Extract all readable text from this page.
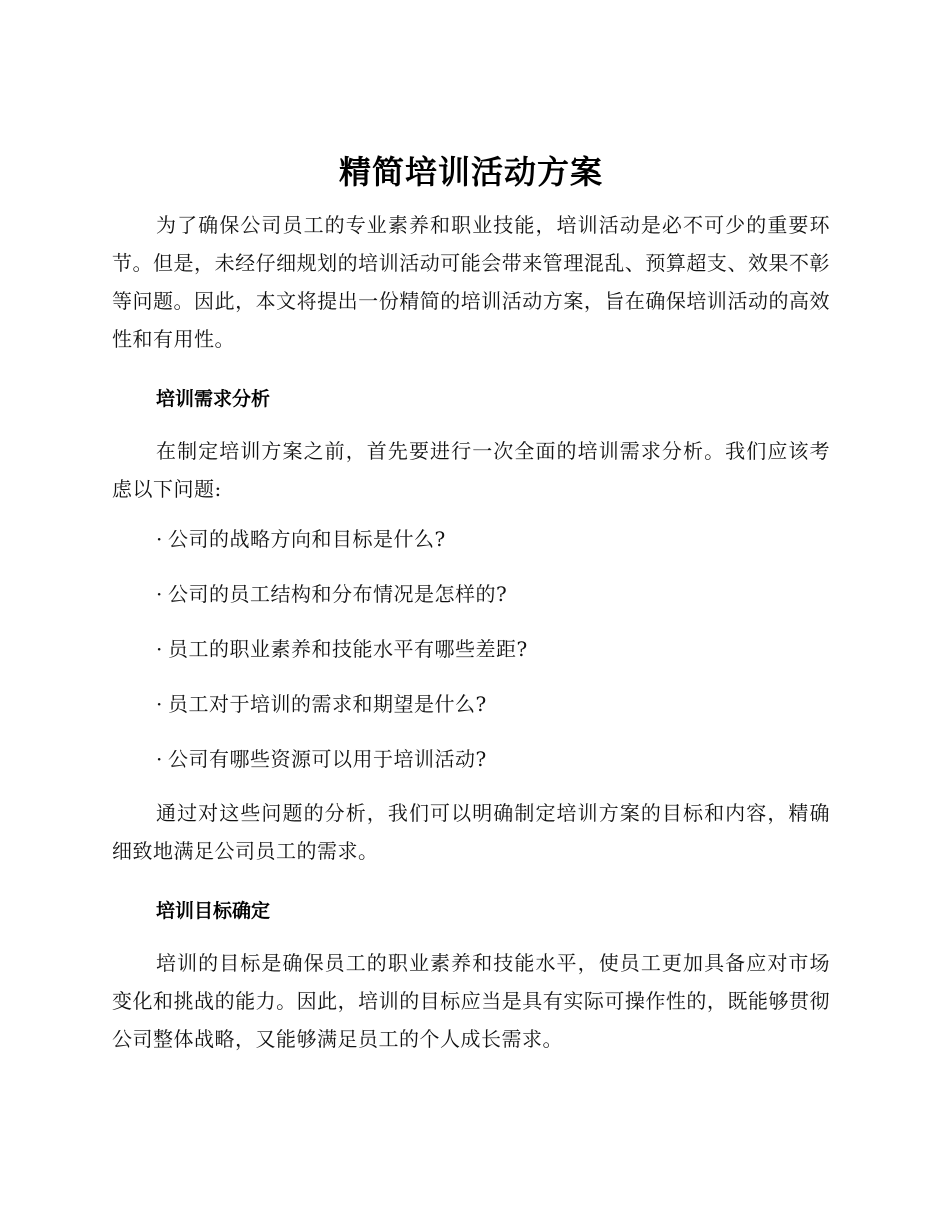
精简培训活动方案

为了确保公司员工的专业素养和职业技能，培训活动是必不可少的重要环节。但是，未经仔细规划的培训活动可能会带来管理混乱、预算超支、效果不彰等问题。因此，本文将提出一份精简的培训活动方案，旨在确保培训活动的高效性和有用性。

培训需求分析

在制定培训方案之前，首先要进行一次全面的培训需求分析。我们应该考虑以下问题:

· 公司的战略方向和目标是什么?
· 公司的员工结构和分布情况是怎样的?
· 员工的职业素养和技能水平有哪些差距?
· 员工对于培训的需求和期望是什么?
· 公司有哪些资源可以用于培训活动?

通过对这些问题的分析，我们可以明确制定培训方案的目标和内容，精确细致地满足公司员工的需求。

培训目标确定

培训的目标是确保员工的职业素养和技能水平，使员工更加具备应对市场变化和挑战的能力。因此，培训的目标应当是具有实际可操作性的，既能够贯彻公司整体战略，又能够满足员工的个人成长需求。
